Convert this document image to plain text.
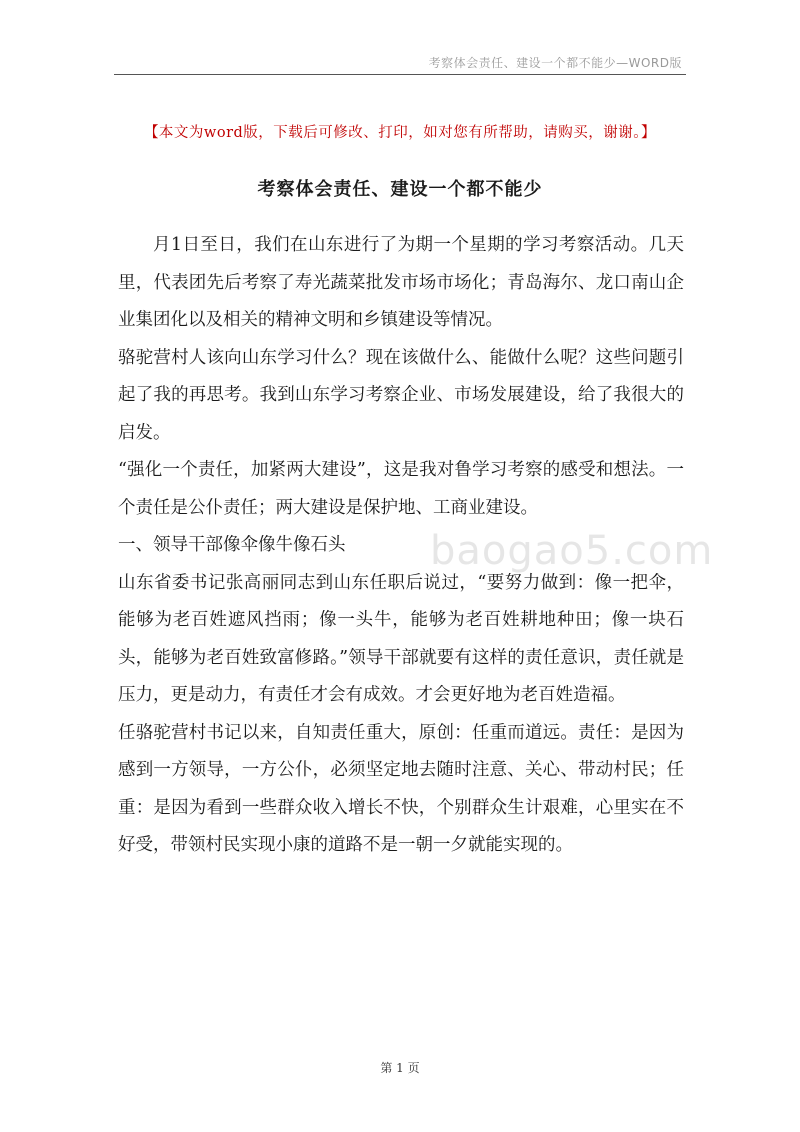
考察体会责任、建设一个都不能少—WORD版
【本文为word版，下载后可修改、打印，如对您有所帮助，请购买，谢谢。】
考察体会责任、建设一个都不能少

月1日至日，我们在山东进行了为期一个星期的学习考察活动。几天里，代表团先后考察了寿光蔬菜批发市场市场化；青岛海尔、龙口南山企业集团化以及相关的精神文明和乡镇建设等情况。

骆驼营村人该向山东学习什么？现在该做什么、能做什么呢？这些问题引起了我的再思考。我到山东学习考察企业、市场发展建设，给了我很大的启发。

“强化一个责任，加紧两大建设”，这是我对鲁学习考察的感受和想法。一个责任是公仆责任；两大建设是保护地、工商业建设。

一、领导干部像伞像牛像石头

山东省委书记张高丽同志到山东任职后说过，“要努力做到：像一把伞，能够为老百姓遮风挡雨；像一头牛，能够为老百姓耕地种田；像一块石头，能够为老百姓致富修路。”领导干部就要有这样的责任意识，责任就是压力，更是动力，有责任才会有成效。才会更好地为老百姓造福。

任骆驼营村书记以来，自知责任重大，原创：任重而道远。责任：是因为感到一方领导，一方公仆，必须坚定地去随时注意、关心、带动村民；任重：是因为看到一些群众收入增长不快，个别群众生计艰难，心里实在不好受，带领村民实现小康的道路不是一朝一夕就能实现的。

baogao5.com
第 1 页
